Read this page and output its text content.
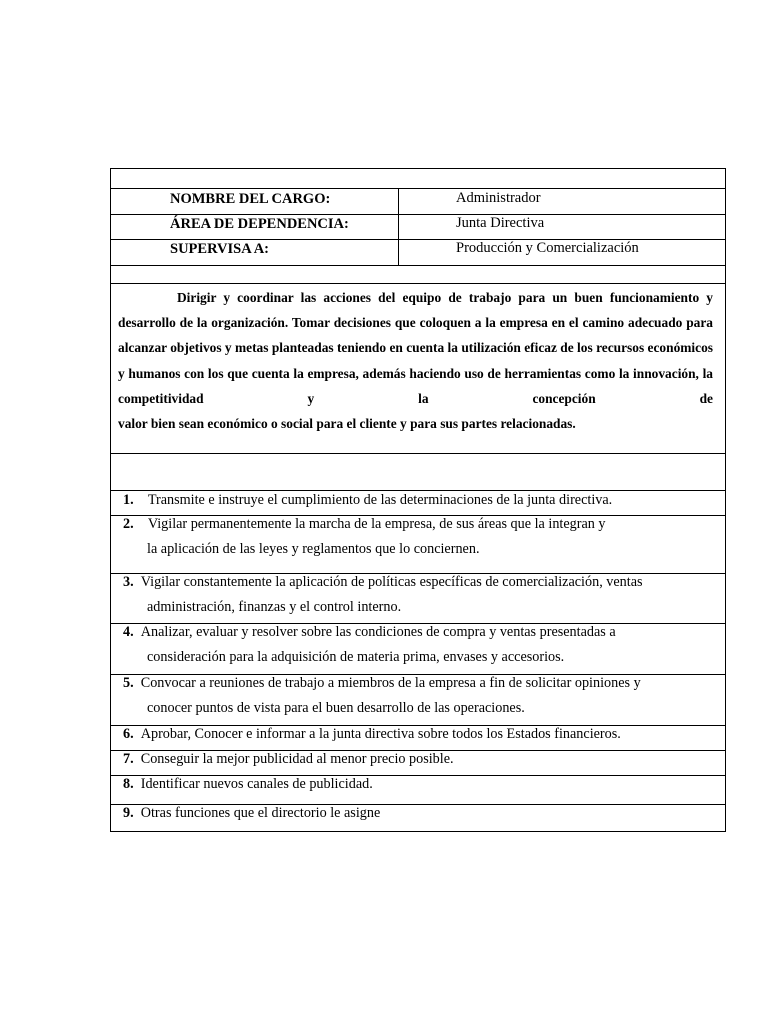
NOMBRE DEL CARGO:	Administrador
ÁREA DE DEPENDENCIA:	Junta Directiva
SUPERVISA A:	Producción y Comercialización
Dirigir y coordinar las acciones del equipo de trabajo para un buen funcionamiento y desarrollo de la organización. Tomar decisiones que coloquen a la empresa en el camino adecuado para alcanzar objetivos y metas planteadas teniendo en cuenta la utilización eficaz de los recursos económicos y humanos con los que cuenta la empresa, además haciendo uso de herramientas como la innovación, la competitividad y la concepción de
valor bien sean económico o social para el cliente y para sus partes relacionadas.
1. Transmite e instruye el cumplimiento de las determinaciones de la junta directiva.
2. Vigilar permanentemente la marcha de la empresa, de sus áreas que la integran y
la aplicación de las leyes y reglamentos que lo conciernen.
3. Vigilar constantemente la aplicación de políticas específicas de comercialización, ventas
administración, finanzas y el control interno.
4. Analizar, evaluar y resolver sobre las condiciones de compra y ventas presentadas a
consideración para la adquisición de materia prima, envases y accesorios.
5. Convocar a reuniones de trabajo a miembros de la empresa a fin de solicitar opiniones y
conocer puntos de vista para el buen desarrollo de las operaciones.
6. Aprobar, Conocer e informar a la junta directiva sobre todos los Estados financieros.
7. Conseguir la mejor publicidad al menor precio posible.
8. Identificar nuevos canales de publicidad.
9. Otras funciones que el directorio le asigne
